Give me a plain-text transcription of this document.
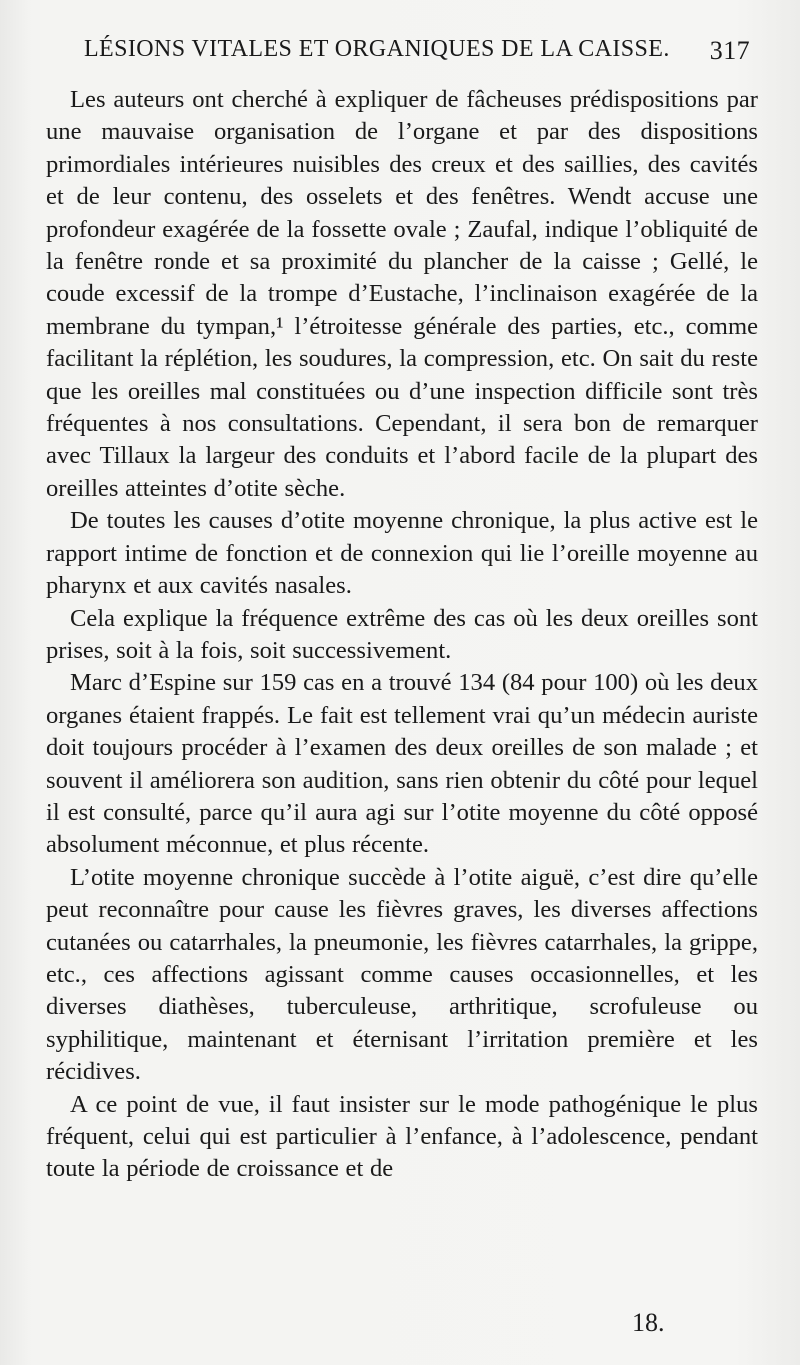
LÉSIONS VITALES ET ORGANIQUES DE LA CAISSE. 317

Les auteurs ont cherché à expliquer de fâcheuses prédispositions par une mauvaise organisation de l’organe et par des dispositions primordiales intérieures nuisibles des creux et des saillies, des cavités et de leur contenu, des osselets et des fenêtres. Wendt accuse une profondeur exagérée de la fossette ovale ; Zaufal, indique l’obliquité de la fenêtre ronde et sa proximité du plancher de la caisse ; Gellé, le coude excessif de la trompe d’Eustache, l’inclinaison exagérée de la membrane du tympan,¹ l’étroitesse générale des parties, etc., comme facilitant la réplétion, les soudures, la compression, etc. On sait du reste que les oreilles mal constituées ou d’une inspection difficile sont très fréquentes à nos consultations. Cependant, il sera bon de remarquer avec Tillaux la largeur des conduits et l’abord facile de la plupart des oreilles atteintes d’otite sèche.

De toutes les causes d’otite moyenne chronique, la plus active est le rapport intime de fonction et de connexion qui lie l’oreille moyenne au pharynx et aux cavités nasales.

Cela explique la fréquence extrême des cas où les deux oreilles sont prises, soit à la fois, soit successivement.

Marc d’Espine sur 159 cas en a trouvé 134 (84 pour 100) où les deux organes étaient frappés. Le fait est tellement vrai qu’un médecin auriste doit toujours procéder à l’examen des deux oreilles de son malade ; et souvent il améliorera son audition, sans rien obtenir du côté pour lequel il est consulté, parce qu’il aura agi sur l’otite moyenne du côté opposé absolument méconnue, et plus récente.

L’otite moyenne chronique succède à l’otite aiguë, c’est dire qu’elle peut reconnaître pour cause les fièvres graves, les diverses affections cutanées ou catarrhales, la pneumonie, les fièvres catarrhales, la grippe, etc., ces affections agissant comme causes occasionnelles, et les diverses diathèses, tuberculeuse, arthritique, scrofuleuse ou syphilitique, maintenant et éternisant l’irritation première et les récidives.

A ce point de vue, il faut insister sur le mode pathogénique le plus fréquent, celui qui est particulier à l’enfance, à l’adolescence, pendant toute la période de croissance et de

18.
